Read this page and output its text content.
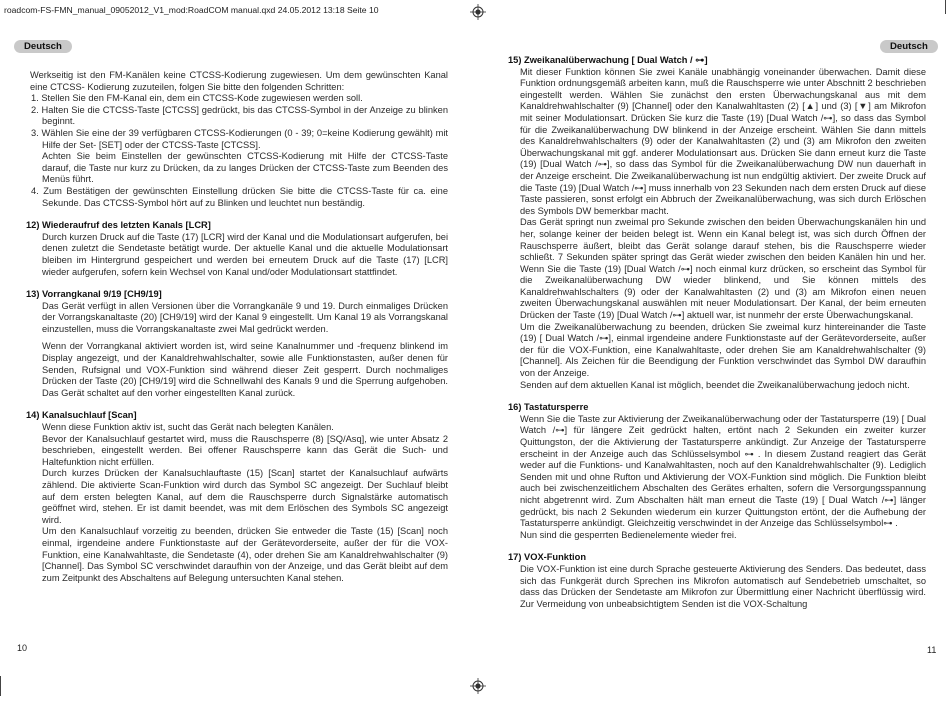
roadcom-FS-FMN_manual_09052012_V1_mod:RoadCOM manual.qxd 24.05.2012 13:18 Seite 10
Deutsch	Deutsch

Werkseitig ist den FM-Kanälen keine CTCSS-Kodierung zugewiesen. Um dem gewünschten Kanal eine CTCSS- Kodierung zuzuteilen, folgen Sie bitte den folgenden Schritten:

1. Stellen Sie den FM-Kanal ein, dem ein CTCSS-Kode zugewiesen werden soll.

2. Halten Sie die CTCSS-Taste [CTCSS] gedrückt, bis das CTCSS-Symbol in der Anzeige zu blinken beginnt.

3. Wählen Sie eine der 39 verfügbaren CTCSS-Kodierungen (0 - 39; 0=keine Kodierung gewählt) mit Hilfe der Set- [SET] oder der CTCSS-Taste [CTCSS].

Achten Sie beim Einstellen der gewünschten CTCSS-Kodierung mit Hilfe der CTCSS-Taste darauf, die Taste nur kurz zu Drücken, da zu langes Drücken der CTCSS-Taste zum Beenden des Menüs führt.

4. Zum Bestätigen der gewünschten Einstellung drücken Sie bitte die CTCSS-Taste für ca. eine Sekunde. Das CTCSS-Symbol hört auf zu Blinken und leuchtet nun beständig.

12) Wiederaufruf des letzten Kanals [LCR]

Durch kurzen Druck auf die Taste (17) [LCR] wird der Kanal und die Modulationsart aufgerufen, bei denen zuletzt die Sendetaste betätigt wurde. Der aktuelle Kanal und die aktuelle Modulationsart bleiben im Hintergrund gespeichert und werden bei erneutem Druck auf die Taste (17) [LCR] wieder aufgerufen, sofern kein Wechsel von Kanal und/oder Modulationsart stattfindet.

13) Vorrangkanal 9/19 [CH9/19]

Das Gerät verfügt in allen Versionen über die Vorrangkanäle 9 und 19. Durch einmaliges Drücken der Vorrangskanaltaste (20) [CH9/19] wird der Kanal 9 eingestellt. Um Kanal 19 als Vorrangskanal einzustellen, muss die Vorrangskanaltaste zwei Mal gedrückt werden.

Wenn der Vorrangkanal aktiviert worden ist, wird seine Kanalnummer und -frequenz blinkend im Display angezeigt, und der Kanaldrehwahlschalter, sowie alle Funktionstasten, außer denen für Senden, Rufsignal und VOX-Funktion sind während dieser Zeit gesperrt. Durch nochmaliges Drücken der Taste (20) [CH9/19] wird die Schnellwahl des Kanals 9 und die Sperrung aufgehoben. Das Gerät schaltet auf den vorher eingestellten Kanal zurück.

14) Kanalsuchlauf [Scan]

Wenn diese Funktion aktiv ist, sucht das Gerät nach belegten Kanälen.

Bevor der Kanalsuchlauf gestartet wird, muss die Rauschsperre (8) [SQ/Asq], wie unter Absatz 2 beschrieben, eingestellt werden. Bei offener Rauschsperre kann das Gerät die Such- und Haltefunktion nicht erfüllen.

Durch kurzes Drücken der Kanalsuchlauftaste (15) [Scan] startet der Kanalsuchlauf aufwärts zählend. Die aktivierte Scan-Funktion wird durch das Symbol SC angezeigt. Der Suchlauf bleibt auf dem ersten belegten Kanal, auf dem die Rauschsperre durch Signalstärke automatisch geöffnet wird, stehen. Er ist damit beendet, was mit dem Erlöschen des Symbols SC angezeigt wird.

Um den Kanalsuchlauf vorzeitig zu beenden, drücken Sie entweder die Taste (15) [Scan] noch einmal, irgendeine andere Funktionstaste auf der Gerätevorderseite, außer der für die VOX-Funktion, eine Kanalwahltaste, die Sendetaste (4), oder drehen Sie am Kanaldrehwahlschalter (9) [Channel]. Das Symbol SC verschwindet daraufhin von der Anzeige, und das Gerät bleibt auf dem zum Zeitpunkt des Abschaltens auf Belegung untersuchten Kanal stehen.

15) Zweikanalüberwachung [ Dual Watch / ⊶]

Mit dieser Funktion können Sie zwei Kanäle unabhängig voneinander überwachen. Damit diese Funktion ordnungsgemäß arbeiten kann, muß die Rauschsperre wie unter Abschnitt 2 beschrieben eingestellt werden. Wählen Sie zunächst den ersten Überwachungskanal aus mit dem Kanaldrehwahlschalter (9) [Channel] oder den Kanalwahltasten (2) [▲] und (3) [▼] am Mikrofon mit seiner Modulationsart. Drücken Sie kurz die Taste (19) [Dual Watch /⊶], so dass das Symbol für die Zweikanalüberwachung DW blinkend in der Anzeige erscheint. Wählen Sie dann mittels des Kanaldrehwahlschalters (9) oder der Kanalwahltasten (2) und (3) am Mikrofon den zweiten Überwachungskanal mit ggf. anderer Modulationsart aus. Drücken Sie dann erneut kurz die Taste (19) [Dual Watch /⊶], so dass das Symbol für die Zweikanalüberwachung DW nun dauerhaft in der Anzeige erscheint. Die Zweikanalüberwachung ist nun endgültig aktiviert. Der zweite Druck auf die Taste (19) [Dual Watch /⊶] muss innerhalb von 23 Sekunden nach dem ersten Druck auf diese Taste passieren, sonst erfolgt ein Abbruch der Zweikanalüberwachung, was sich durch Erlöschen des Symbols DW bemerkbar macht.

Das Gerät springt nun zweimal pro Sekunde zwischen den beiden Überwachungskanälen hin und her, solange keiner der beiden belegt ist. Wenn ein Kanal belegt ist, was sich durch Öffnen der Rauschsperre äußert, bleibt das Gerät solange darauf stehen, bis die Rauschsperre wieder schließt. 7 Sekunden später springt das Gerät wieder zwischen den beiden Kanälen hin und her. Wenn Sie die Taste (19) [Dual Watch /⊶] noch einmal kurz drücken, so erscheint das Symbol für die Zweikanalüberwachung DW wieder blinkend, und Sie können mittels des Kanaldrehwahlschalters (9) oder der Kanalwahltasten (2) und (3) am Mikrofon einen neuen zweiten Überwachungskanal auswählen mit neuer Modulationsart. Der Kanal, der beim erneuten Drücken der Taste (19) [Dual Watch /⊶] aktuell war, ist nunmehr der erste Überwachungskanal.

Um die Zweikanalüberwachung zu beenden, drücken Sie zweimal kurz hintereinander die Taste (19) [ Dual Watch /⊶], einmal irgendeine andere Funktionstaste auf der Gerätevorderseite, außer der für die VOX-Funktion, eine Kanalwahltaste, oder drehen Sie am Kanaldrehwahlschalter (9) [Channel]. Als Zeichen für die Beendigung der Funktion verschwindet das Symbol DW daraufhin von der Anzeige.

Senden auf dem aktuellen Kanal ist möglich, beendet die Zweikanalüberwachung jedoch nicht.

16) Tastatursperre

Wenn Sie die Taste zur Aktivierung der Zweikanalüberwachung oder der Tastatursperre (19) [ Dual Watch /⊶] für längere Zeit gedrückt halten, ertönt nach 2 Sekunden ein zweiter kurzer Quittungston, der die Aktivierung der Tastatursperre ankündigt. Zur Anzeige der Tastatursperre erscheint in der Anzeige auch das Schlüsselsymbol ⊶ . In diesem Zustand reagiert das Gerät weder auf die Funktions- und Kanalwahltasten, noch auf den Kanaldrehwahlschalter (9). Lediglich Senden mit und ohne Rufton und Aktivierung der VOX-Funktion sind möglich. Die Funktion bleibt auch bei zwischenzeitlichem Abschalten des Gerätes erhalten, sofern die Versorgungsspannung nicht abgetrennt wird. Zum Abschalten hält man erneut die Taste (19) [ Dual Watch /⊶] länger gedrückt, bis nach 2 Sekunden wiederum ein kurzer Quittungston ertönt, der die Aufhebung der Tastatursperre ankündigt. Gleichzeitig verschwindet in der Anzeige das Schlüsselsymbol⊶ .

Nun sind die gesperrten Bedienelemente wieder frei.

17) VOX-Funktion

Die VOX-Funktion ist eine durch Sprache gesteuerte Aktivierung des Senders. Das bedeutet, dass sich das Funkgerät durch Sprechen ins Mikrofon automatisch auf Sendebetrieb umschaltet, so dass das Drücken der Sendetaste am Mikrofon zur Übermittlung einer Nachricht überflüssig wird. Zur Vermeidung von unbeabsichtigtem Senden ist die VOX-Schaltung

10	11
